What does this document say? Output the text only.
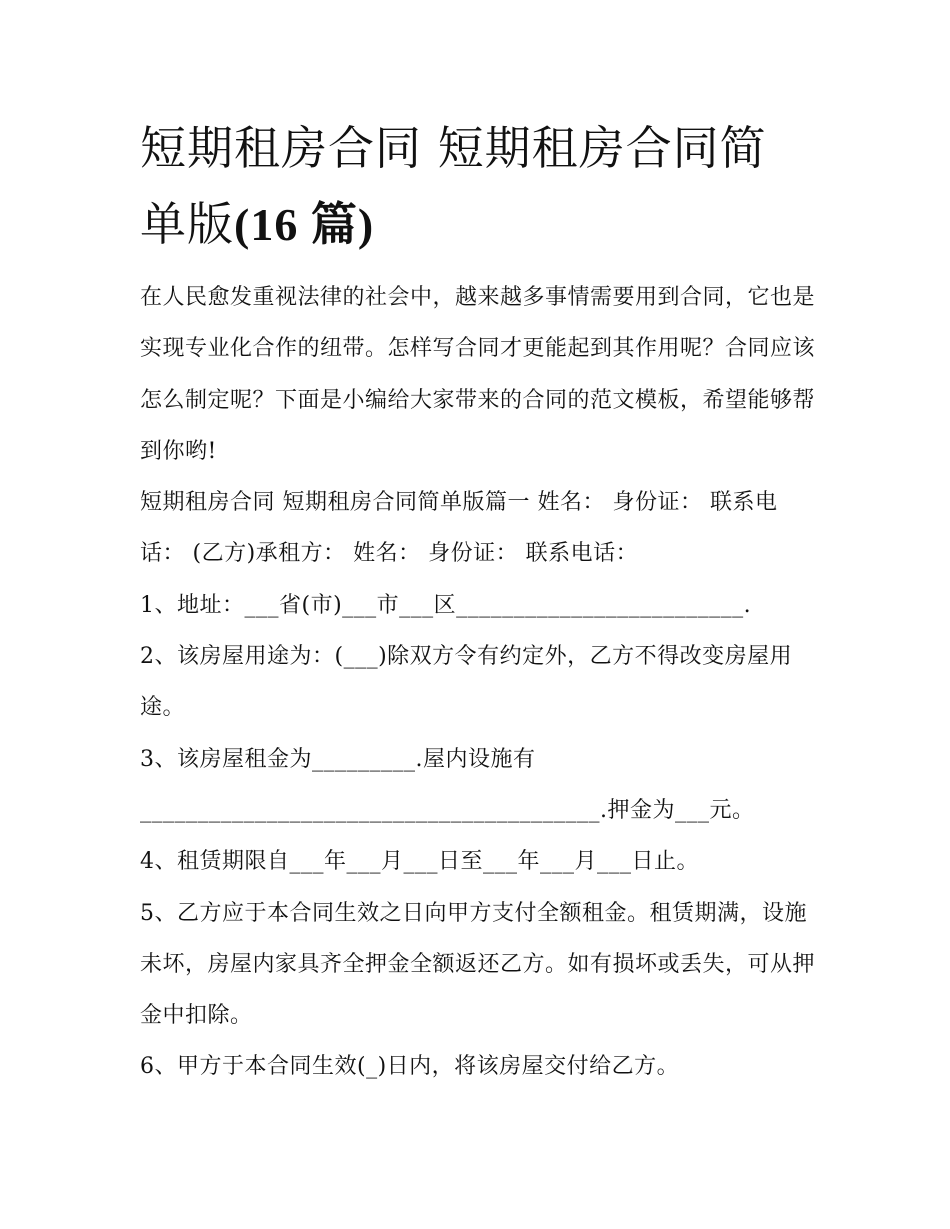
短期租房合同 短期租房合同简
单版(16 篇)

在人民愈发重视法律的社会中，越来越多事情需要用到合同，它也是实现专业化合作的纽带。怎样写合同才更能起到其作用呢？合同应该怎么制定呢？下面是小编给大家带来的合同的范文模板，希望能够帮到你哟!

短期租房合同 短期租房合同简单版篇一 姓名： 身份证： 联系电话： (乙方)承租方： 姓名： 身份证： 联系电话：

1、地址：___省(市)___市___区_________________________.

2、该房屋用途为：(___)除双方令有约定外，乙方不得改变房屋用途。

3、该房屋租金为_________.屋内设施有

________________________________________.押金为___元。

4、租赁期限自___年___月___日至___年___月___日止。

5、乙方应于本合同生效之日向甲方支付全额租金。租赁期满，设施未坏，房屋内家具齐全押金全额返还乙方。如有损坏或丢失，可从押金中扣除。

6、甲方于本合同生效(_)日内，将该房屋交付给乙方。
